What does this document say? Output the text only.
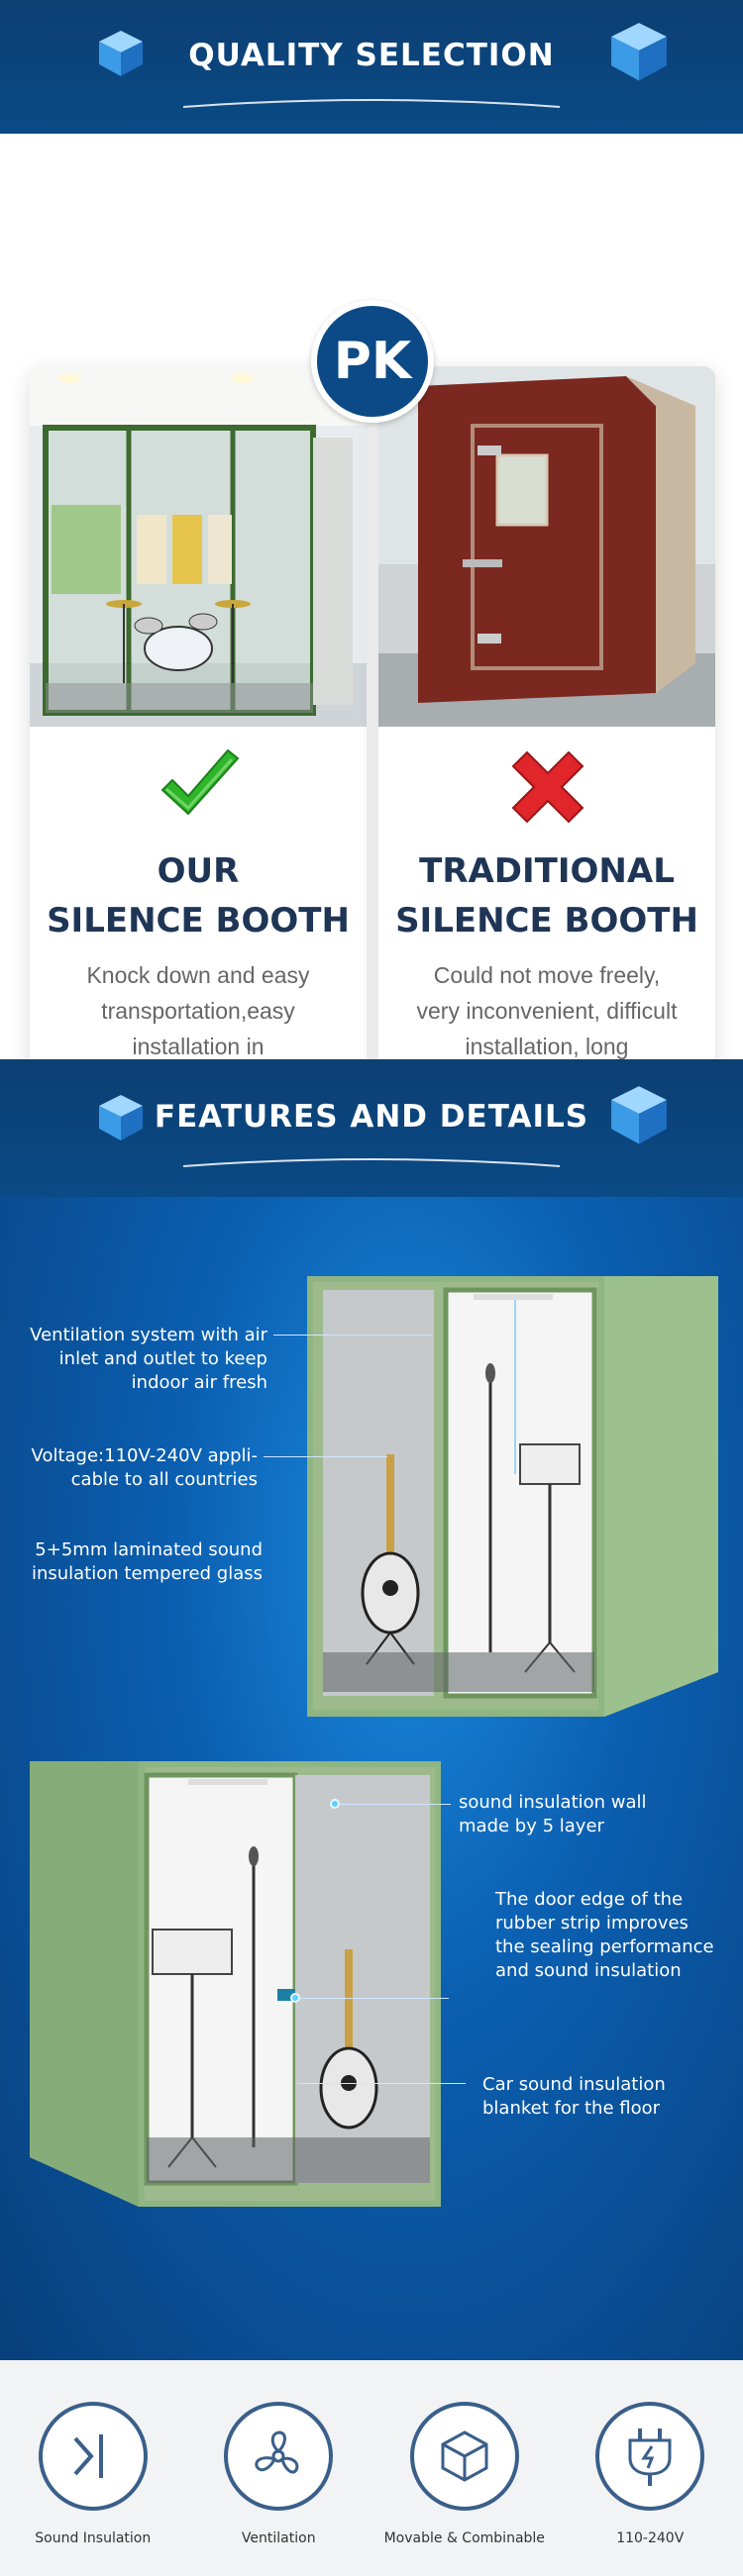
QUALITY SELECTION
PK
OUR
SILENCE BOOTH
Knock down and easy
transportation,easy
installation in
TRADITIONAL
SILENCE BOOTH
Could not move freely,
very inconvenient, difficult
installation, long
FEATURES AND DETAILS
Ventilation system with air
inlet and outlet to keep
indoor air fresh
Voltage:110V-240V appli-
cable to all countries
5+5mm laminated sound
insulation tempered glass
sound insulation wall
made by 5 layer
The door edge of the
rubber strip improves
the sealing performance
and sound insulation
Car sound insulation
blanket for the floor
Sound Insulation	Ventilation	Movable & Combinable	110-240V
